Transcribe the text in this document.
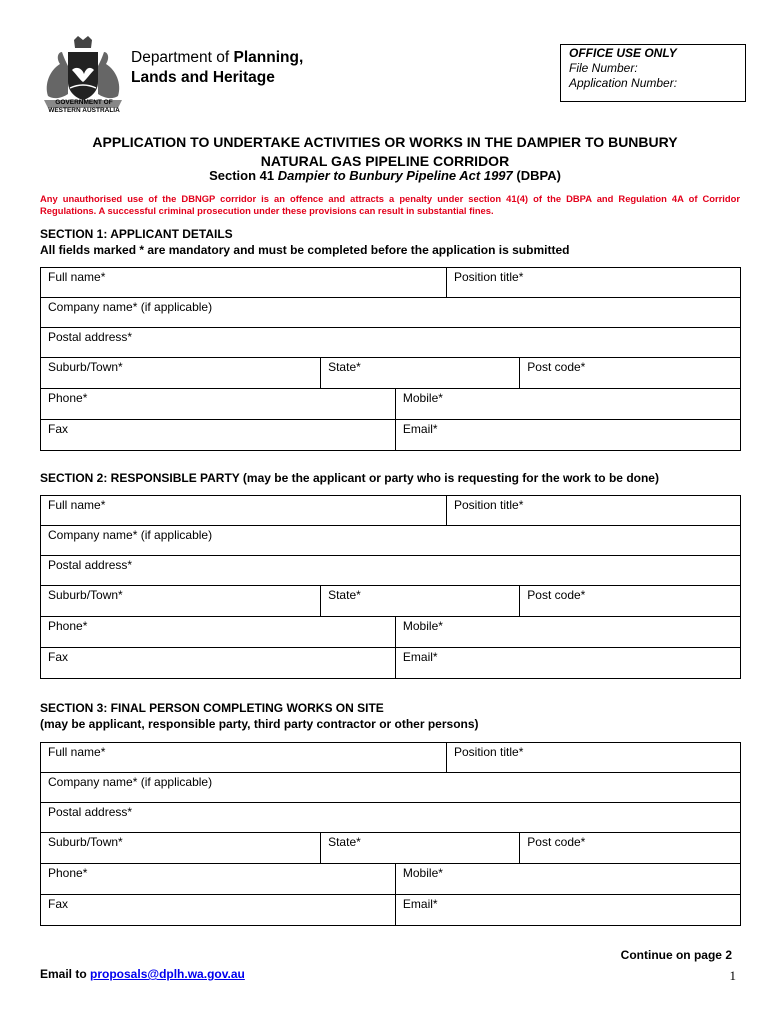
GOVERNMENT OF
WESTERN AUSTRALIA
Department of Planning,
Lands and Heritage
OFFICE USE ONLY
File Number:
Application Number:
APPLICATION TO UNDERTAKE ACTIVITIES OR WORKS IN THE DAMPIER TO BUNBURY
NATURAL GAS PIPELINE CORRIDOR
Section 41 Dampier to Bunbury Pipeline Act 1997 (DBPA)
Any unauthorised use of the DBNGP corridor is an offence and attracts a penalty under section 41(4) of the DBPA and Regulation 4A of Corridor Regulations. A successful criminal prosecution under these provisions can result in substantial fines.
SECTION 1: APPLICANT DETAILS
All fields marked * are mandatory and must be completed before the application is submitted
Full name*	Position title*
Company name* (if applicable)
Postal address*

Suburb/Town*	State*	Post code*

Phone*	Mobile*

Fax	Email*
SECTION 2: RESPONSIBLE PARTY (may be the applicant or party who is requesting for the work to be done)
Full name*	Position title*
Company name* (if applicable)
Postal address*

Suburb/Town*	State*	Post code*

Phone*	Mobile*

Fax	Email*
SECTION 3: FINAL PERSON COMPLETING WORKS ON SITE
(may be applicant, responsible party, third party contractor or other persons)
Full name*	Position title*
Company name* (if applicable)
Postal address*

Suburb/Town*	State*	Post code*

Phone*	Mobile*

Fax	Email*
Continue on page 2
Email to proposals@dplh.wa.gov.au	1
